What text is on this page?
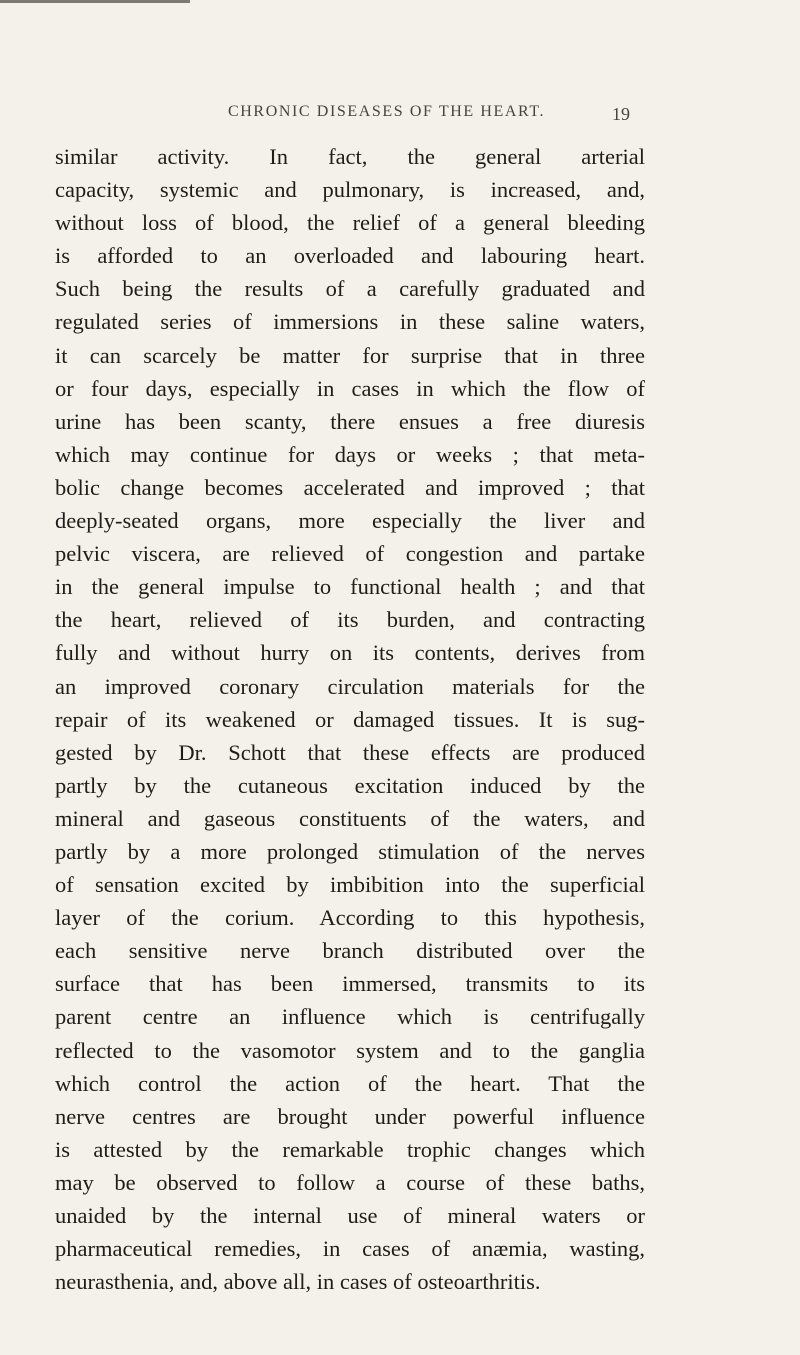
CHRONIC DISEASES OF THE HEART.	19
similar activity. In fact, the general arterial
capacity, systemic and pulmonary, is increased, and,
without loss of blood, the relief of a general bleeding
is afforded to an overloaded and labouring heart.
Such being the results of a carefully graduated and
regulated series of immersions in these saline waters,
it can scarcely be matter for surprise that in three
or four days, especially in cases in which the flow of
urine has been scanty, there ensues a free diuresis
which may continue for days or weeks ; that meta-
bolic change becomes accelerated and improved ; that
deeply-seated organs, more especially the liver and
pelvic viscera, are relieved of congestion and partake
in the general impulse to functional health ; and that
the heart, relieved of its burden, and contracting
fully and without hurry on its contents, derives from
an improved coronary circulation materials for the
repair of its weakened or damaged tissues. It is sug-
gested by Dr. Schott that these effects are produced
partly by the cutaneous excitation induced by the
mineral and gaseous constituents of the waters, and
partly by a more prolonged stimulation of the nerves
of sensation excited by imbibition into the superficial
layer of the corium. According to this hypothesis,
each sensitive nerve branch distributed over the
surface that has been immersed, transmits to its
parent centre an influence which is centrifugally
reflected to the vasomotor system and to the ganglia
which control the action of the heart. That the
nerve centres are brought under powerful influence
is attested by the remarkable trophic changes which
may be observed to follow a course of these baths,
unaided by the internal use of mineral waters or
pharmaceutical remedies, in cases of anæmia, wasting,
neurasthenia, and, above all, in cases of osteoarthritis.
